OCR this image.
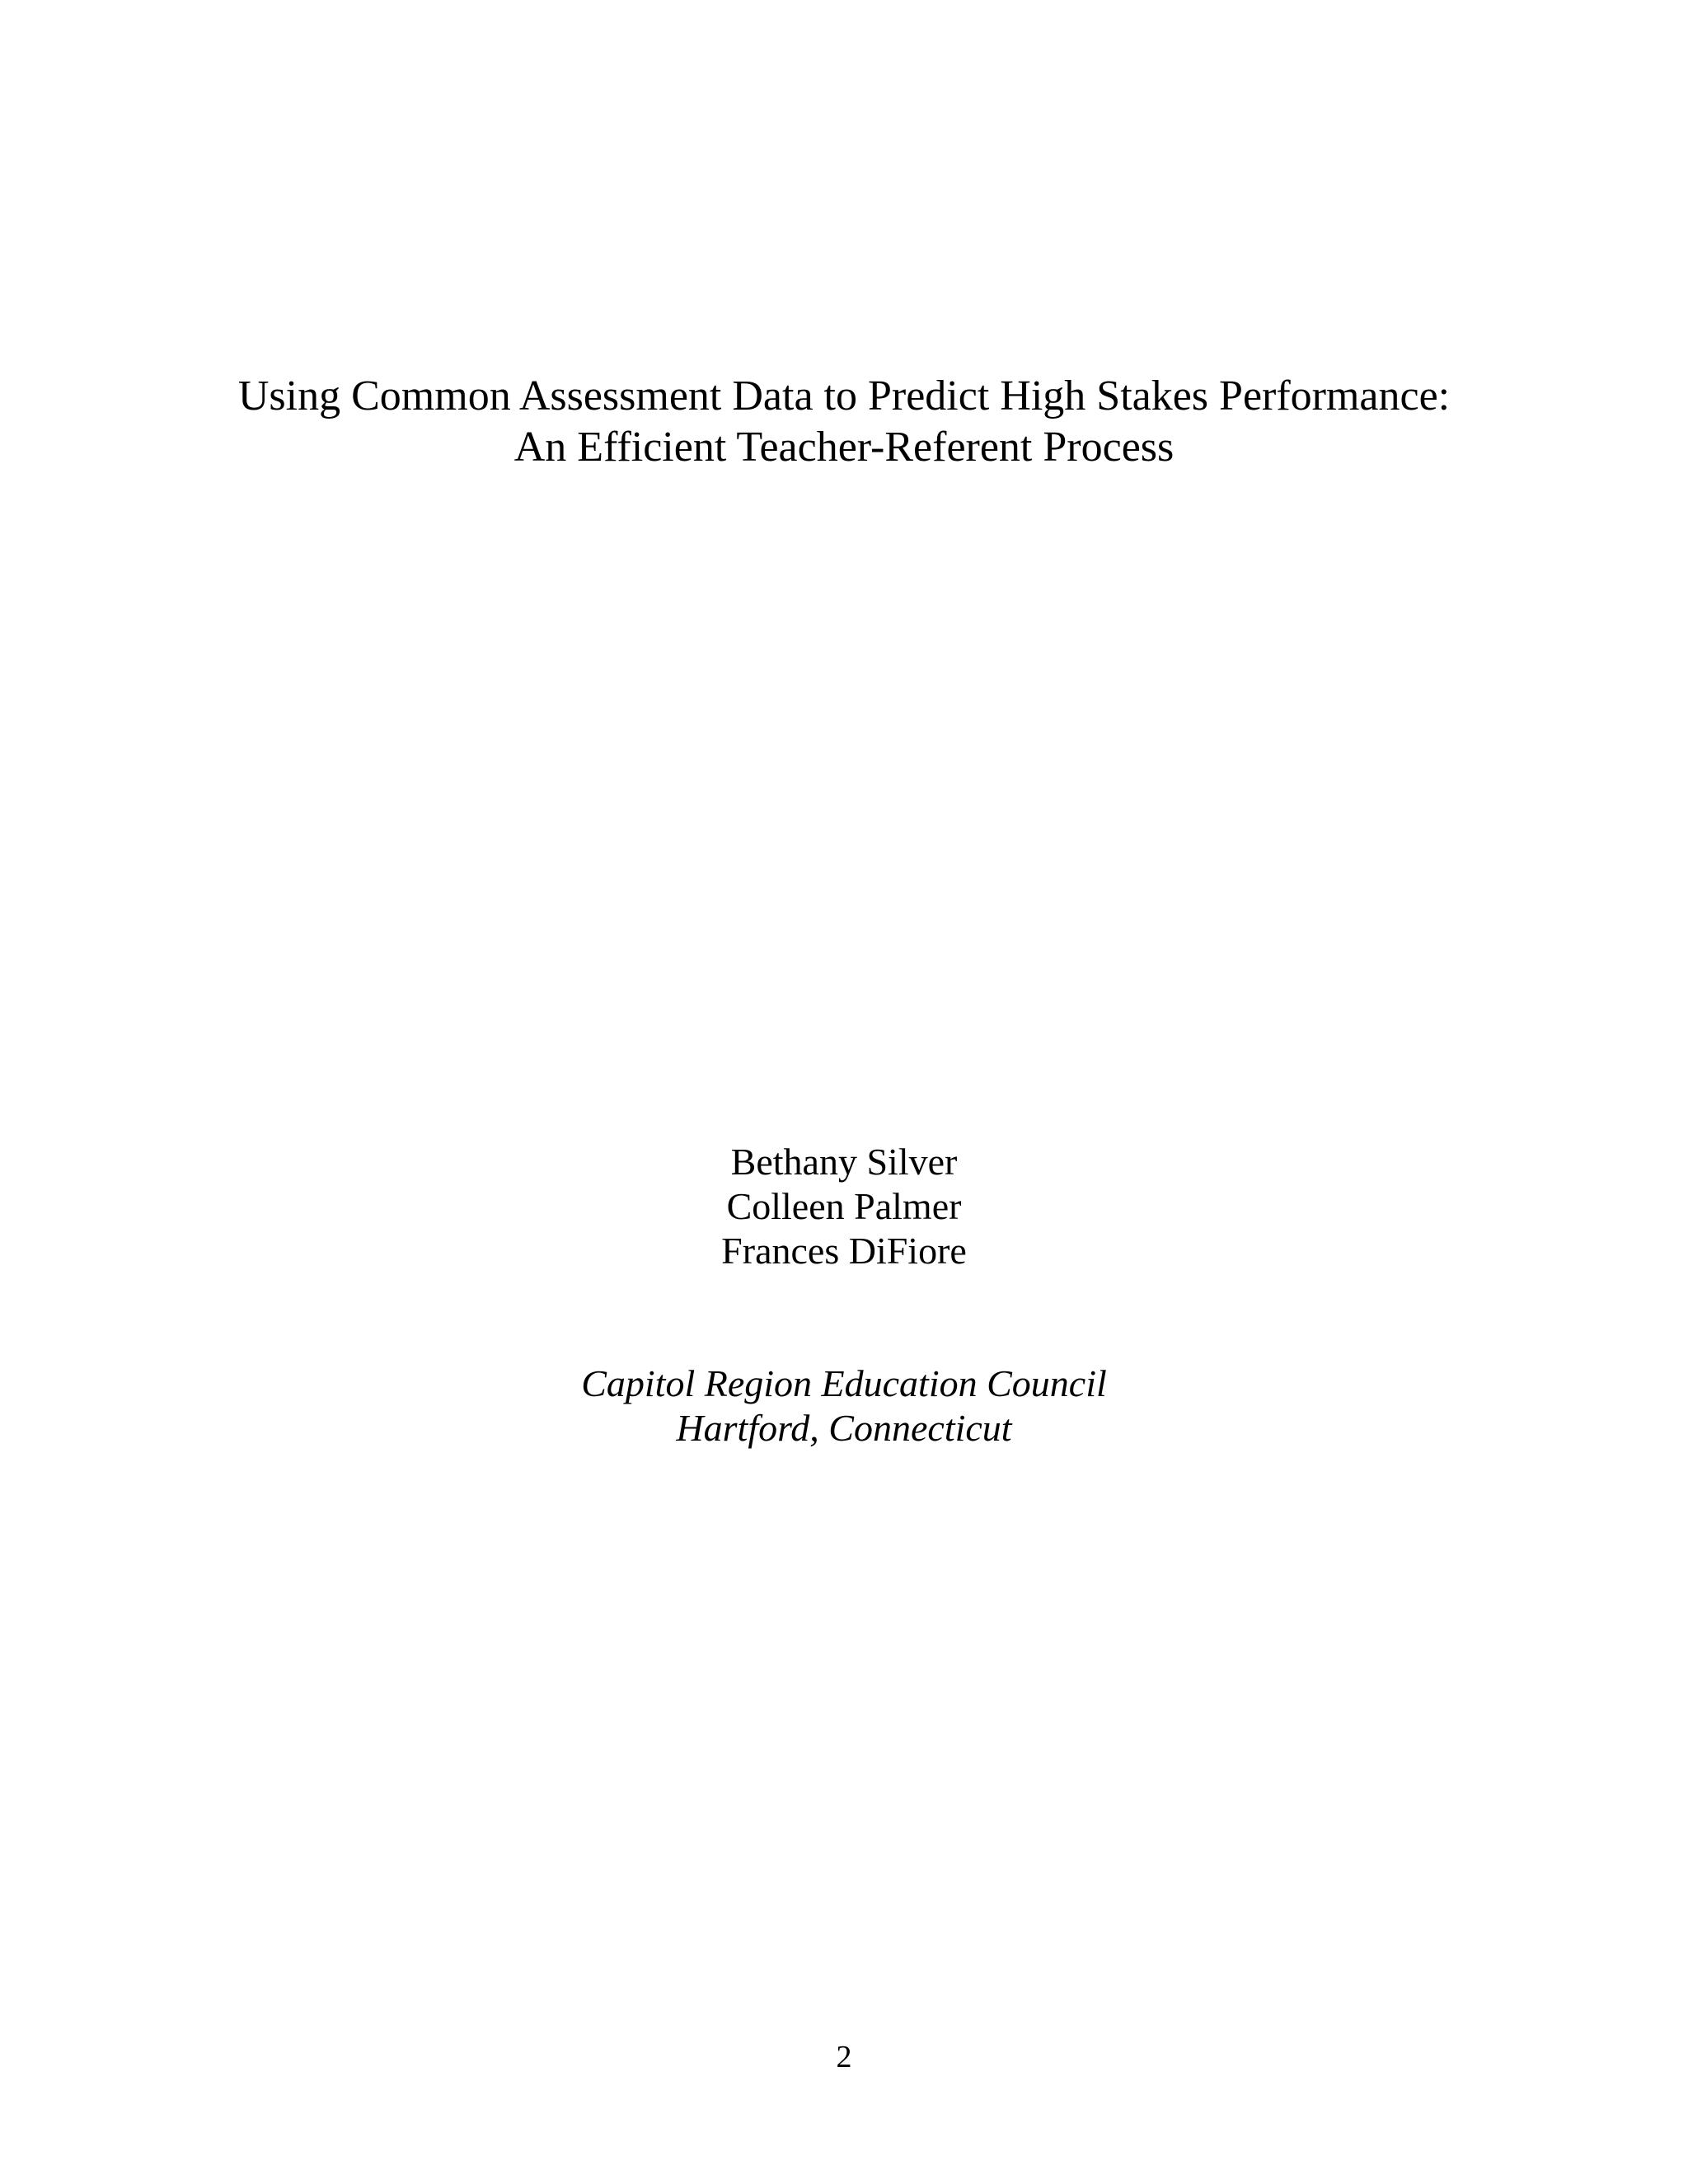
Using Common Assessment Data to Predict High Stakes Performance:
An Efficient Teacher-Referent Process
Bethany Silver
Colleen Palmer
Frances DiFiore
Capitol Region Education Council
Hartford, Connecticut
2
